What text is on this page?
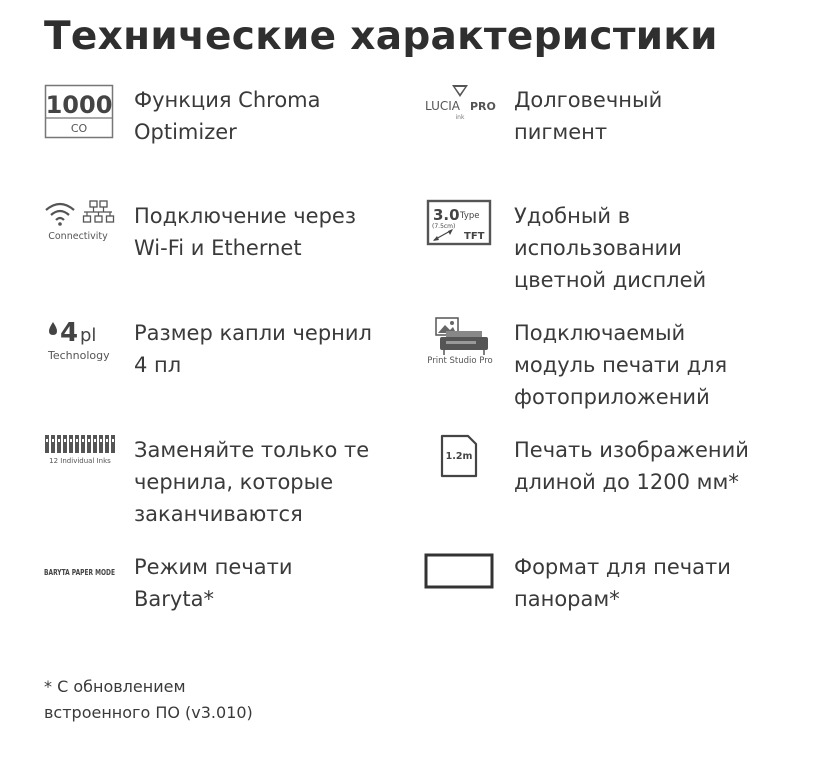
Технические характеристики
1000
CO
Функция Chroma
Optimizer
LUCIA PRO
ink
Долговечный
пигмент
Connectivity
Подключение через
Wi-Fi и Ethernet
3.0 Type
(7.5cm)
TFT
Удобный в
использовании
цветной дисплей
4 pl
Technology
Размер капли чернил
4 пл	Print Studio Pro
Подключаемый
модуль печати для
фотоприложений
12 Individual Inks Заменяйте только те
чернила, которые
заканчиваются
1.2m Печать изображений
длиной до 1200 мм*
BARYTA PAPER MODE Режим печати
Baryta*
Формат для печати
панорам*
* С обновлением
встроенного ПО (v3.010)
